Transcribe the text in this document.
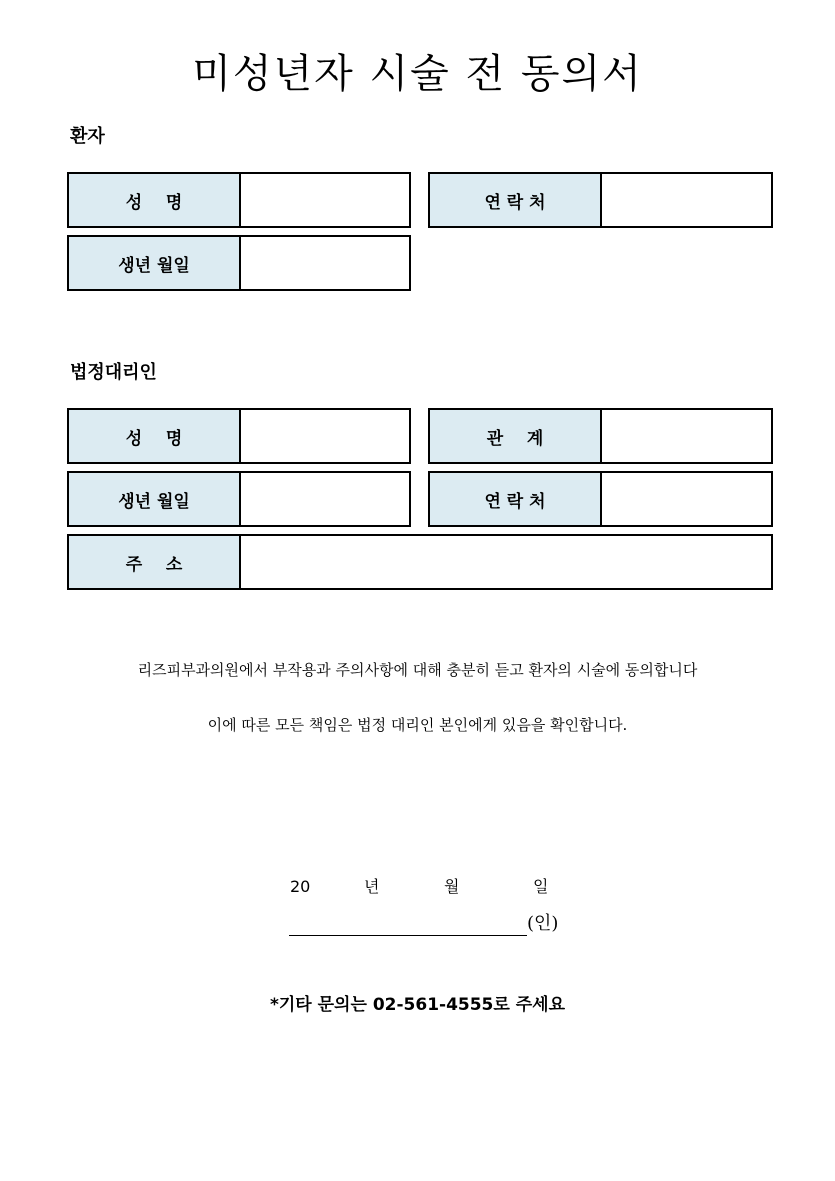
미성년자 시술 전 동의서
환자
성    명	연 락 처
생년 월일
법정대리인
성    명	관    계
생년 월일	연 락 처
주    소
리즈피부과의원에서 부작용과 주의사항에 대해 충분히 듣고 환자의 시술에 동의합니다
이에 따른 모든 책임은 법정 대리인 본인에게 있음을 확인합니다.
20	년	월	일
(인)
*기타 문의는 02-561-4555로 주세요
